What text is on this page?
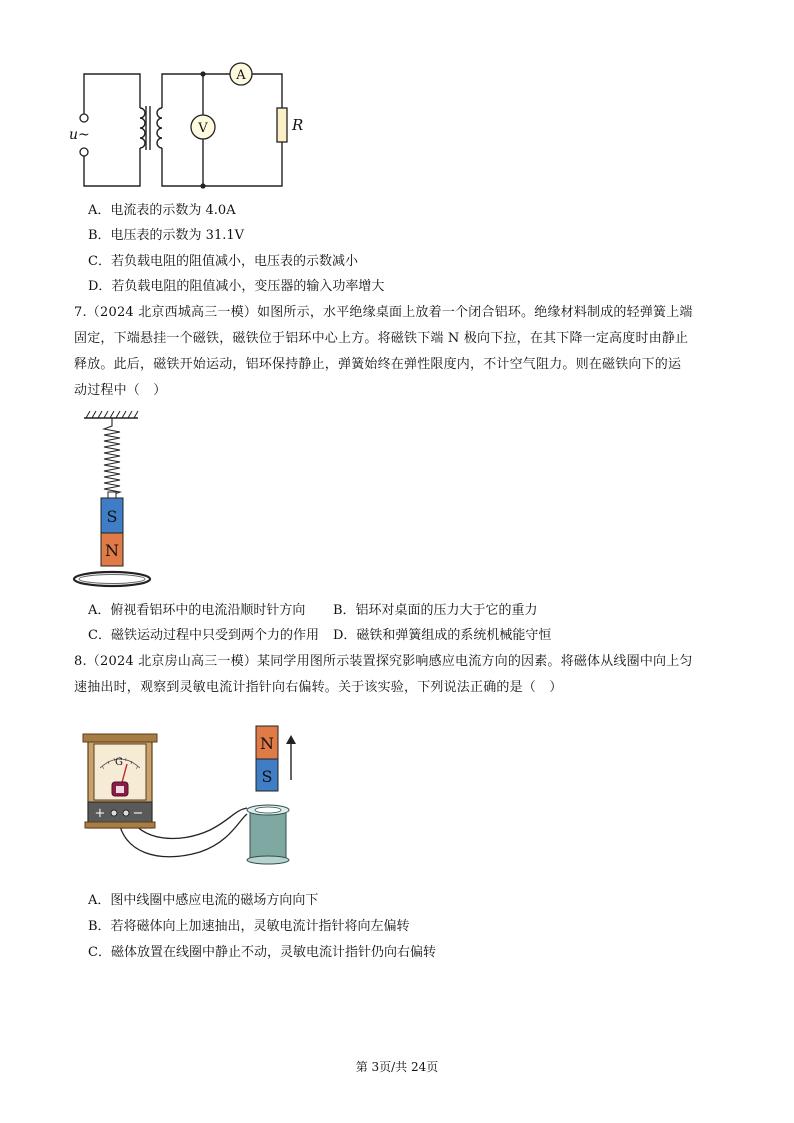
A
V	R
u~
A．电流表的示数为 4.0A
B．电压表的示数为 31.1V
C．若负载电阻的阻值减小，电压表的示数减小
D．若负载电阻的阻值减小，变压器的输入功率增大

7.（2024 北京西城高三一模）如图所示，水平绝缘桌面上放着一个闭合铝环。绝缘材料制成的轻弹簧上端

固定，下端悬挂一个磁铁，磁铁位于铝环中心上方。将磁铁下端 N 极向下拉，在其下降一定高度时由静止

释放。此后，磁铁开始运动，铝环保持静止，弹簧始终在弹性限度内，不计空气阻力。则在磁铁向下的运

动过程中（　）

S
N
A．俯视看铝环中的电流沿顺时针方向 B．铝环对桌面的压力大于它的重力
C．磁铁运动过程中只受到两个力的作用 D．磁铁和弹簧组成的系统机械能守恒

8.（2024 北京房山高三一模）某同学用图所示装置探究影响感应电流方向的因素。将磁体从线圈中向上匀

速抽出时，观察到灵敏电流计指针向右偏转。关于该实验，下列说法正确的是（　）

G
+ −
N
S
A．图中线圈中感应电流的磁场方向向下
B．若将磁体向上加速抽出，灵敏电流计指针将向左偏转
C．磁体放置在线圈中静止不动，灵敏电流计指针仍向右偏转
第 3页/共 24页
